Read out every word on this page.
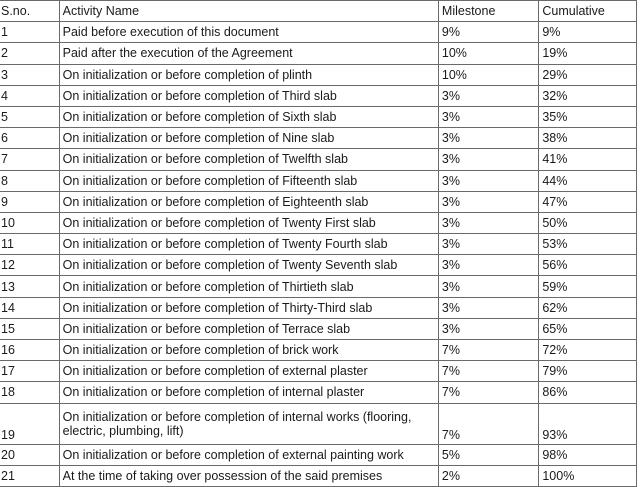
S.no.	Activity Name	Milestone	Cumulative
1	Paid before execution of this document	9%	9%
2	Paid after the execution of the Agreement	10%	19%
3	On initialization or before completion of plinth	10%	29%
4	On initialization or before completion of Third slab	3%	32%
5	On initialization or before completion of Sixth slab	3%	35%
6	On initialization or before completion of Nine slab	3%	38%
7	On initialization or before completion of Twelfth slab	3%	41%
8	On initialization or before completion of Fifteenth slab	3%	44%
9	On initialization or before completion of Eighteenth slab	3%	47%
10	On initialization or before completion of Twenty First slab	3%	50%
11	On initialization or before completion of Twenty Fourth slab	3%	53%
12	On initialization or before completion of Twenty Seventh slab	3%	56%
13	On initialization or before completion of Thirtieth slab	3%	59%
14	On initialization or before completion of Thirty-Third slab	3%	62%
15	On initialization or before completion of Terrace slab	3%	65%
16	On initialization or before completion of brick work	7%	72%
17	On initialization or before completion of external plaster	7%	79%
18	On initialization or before completion of internal plaster	7%	86%
19	On initialization or before completion of internal works (flooring, electric, plumbing, lift)	7%	93%
20	On initialization or before completion of external painting work	5%	98%
21	At the time of taking over possession of the said premises	2%	100%
